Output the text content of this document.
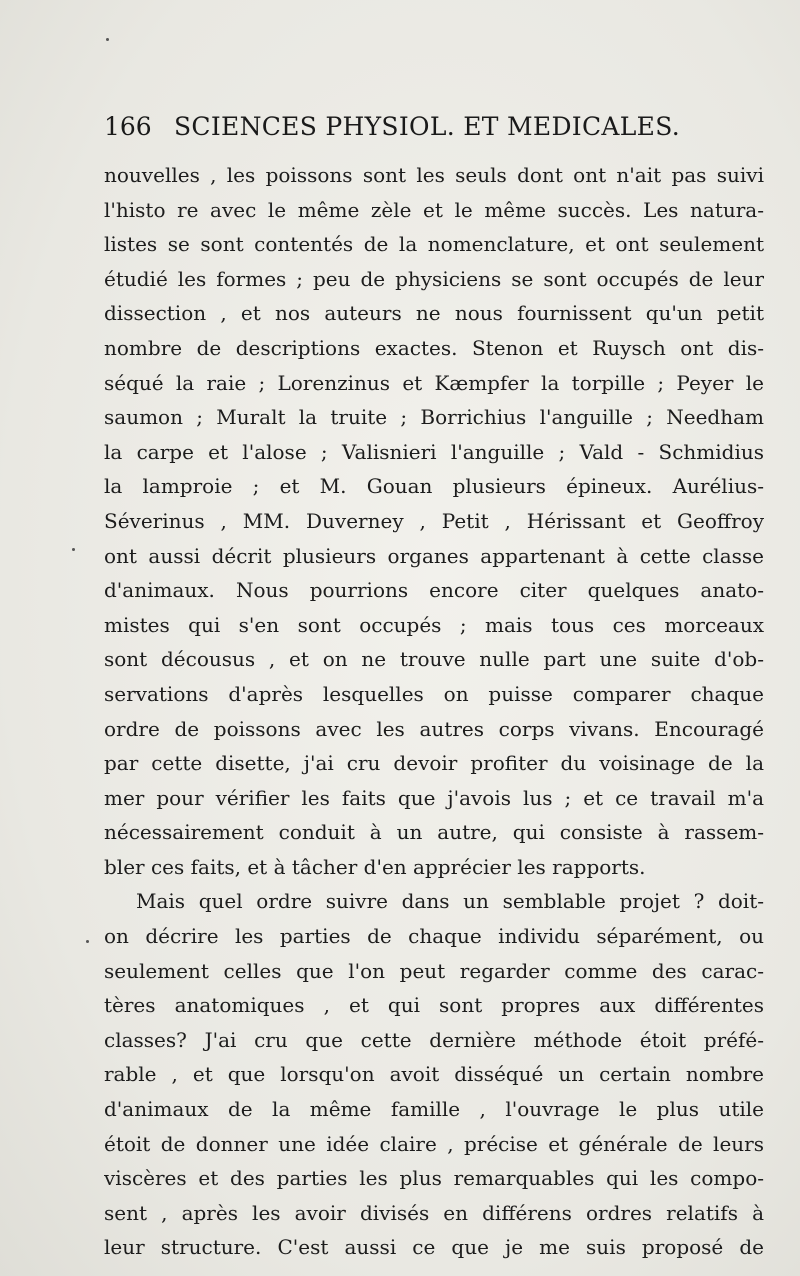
166 SCIENCES PHYSIOL. ET MEDICALES.
nouvelles , les poissons sont les seuls dont ont n'ait pas suivi
l'histo re avec le même zèle et le même succès. Les natura-
listes se sont contentés de la nomenclature, et ont seulement
étudié les formes ; peu de physiciens se sont occupés de leur
dissection , et nos auteurs ne nous fournissent qu'un petit
nombre de descriptions exactes. Stenon et Ruysch ont dis-
séqué la raie ; Lorenzinus et Kæmpfer la torpille ; Peyer le
saumon ; Muralt la truite ; Borrichius l'anguille ; Needham
la carpe et l'alose ; Valisnieri l'anguille ; Vald - Schmidius
la lamproie ; et M. Gouan plusieurs épineux. Aurélius-
Séverinus , MM. Duverney , Petit , Hérissant et Geoffroy
ont aussi décrit plusieurs organes appartenant à cette classe
d'animaux. Nous pourrions encore citer quelques anato-
mistes qui s'en sont occupés ; mais tous ces morceaux
sont décousus , et on ne trouve nulle part une suite d'ob-
servations d'après lesquelles on puisse comparer chaque
ordre de poissons avec les autres corps vivans. Encouragé
par cette disette, j'ai cru devoir profiter du voisinage de la
mer pour vérifier les faits que j'avois lus ; et ce travail m'a
nécessairement conduit à un autre, qui consiste à rassem-
bler ces faits, et à tâcher d'en apprécier les rapports.
Mais quel ordre suivre dans un semblable projet ? doit-
on décrire les parties de chaque individu séparément, ou
seulement celles que l'on peut regarder comme des carac-
tères anatomiques , et qui sont propres aux différentes
classes? J'ai cru que cette dernière méthode étoit préfé-
rable , et que lorsqu'on avoit disséqué un certain nombre
d'animaux de la même famille , l'ouvrage le plus utile
étoit de donner une idée claire , précise et générale de leurs
viscères et des parties les plus remarquables qui les compo-
sent , après les avoir divisés en différens ordres relatifs à
leur structure. C'est aussi ce que je me suis proposé de
